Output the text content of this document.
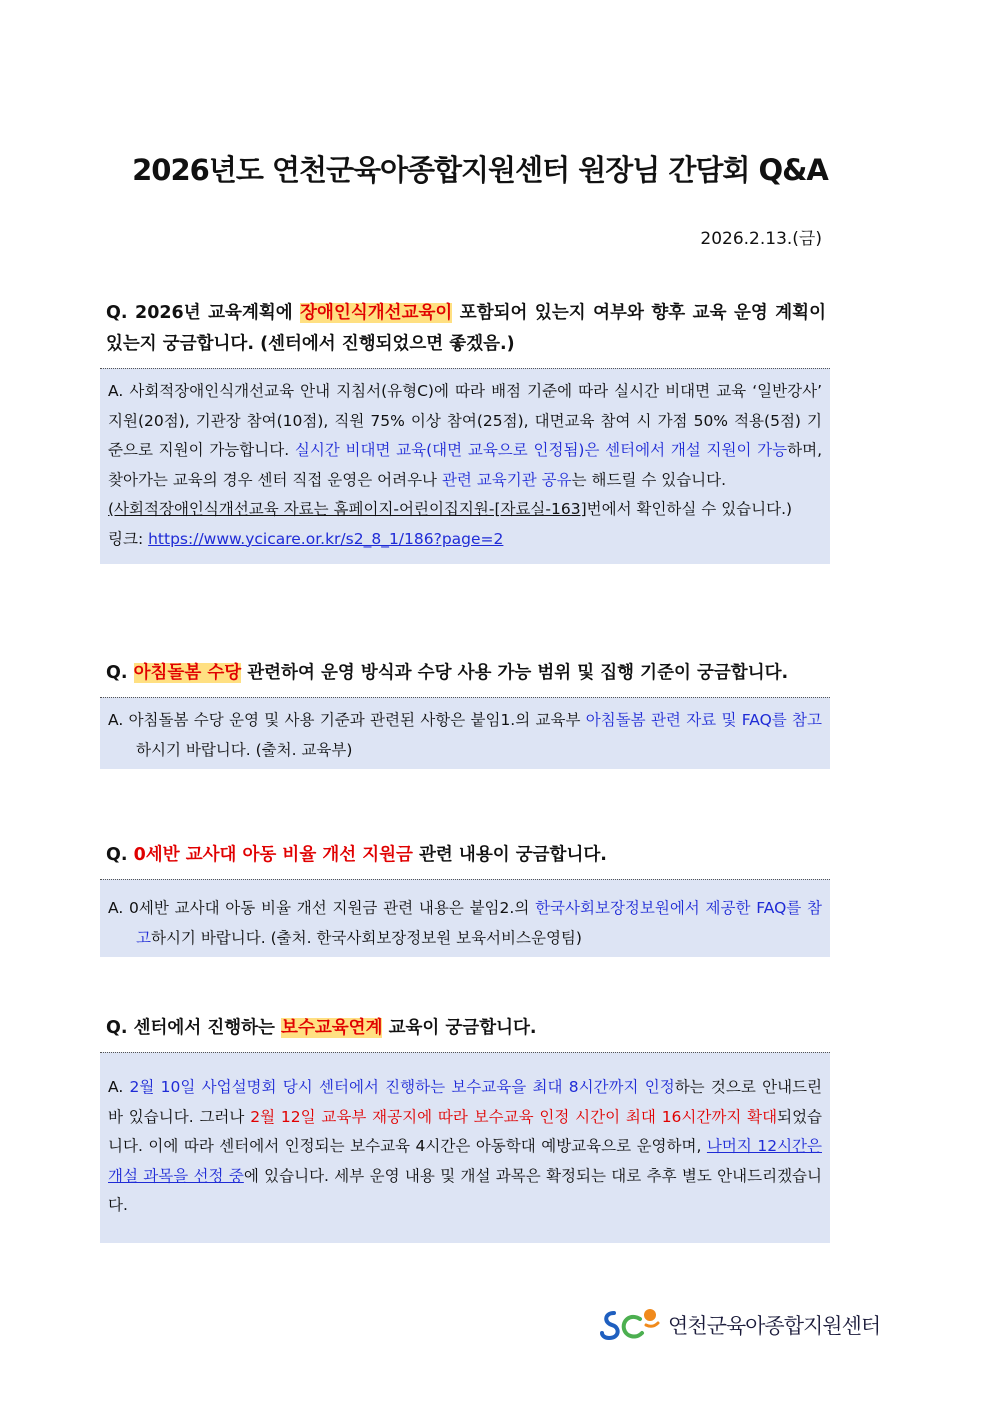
2026년도 연천군육아종합지원센터 원장님 간담회 Q&A
2026.2.13.(금)
Q. 2026년 교육계획에 장애인식개선교육이 포함되어 있는지 여부와 향후 교육 운영 계획이 있는지 궁금합니다. (센터에서 진행되었으면 좋겠음.)
A. 사회적장애인식개선교육 안내 지침서(유형C)에 따라 배점 기준에 따라 실시간 비대면 교육 ‘일반강사’ 지원(20점), 기관장 참여(10점), 직원 75% 이상 참여(25점), 대면교육 참여 시 가점 50% 적용(5점) 기준으로 지원이 가능합니다. 실시간 비대면 교육(대면 교육으로 인정됨)은 센터에서 개설 지원이 가능하며, 찾아가는 교육의 경우 센터 직접 운영은 어려우나 관련 교육기관 공유는 해드릴 수 있습니다.
(사회적장애인식개선교육 자료는 홈페이지-어린이집지원-[자료실-163]번에서 확인하실 수 있습니다.)
링크: https://www.ycicare.or.kr/s2_8_1/186?page=2
Q. 아침돌봄 수당 관련하여 운영 방식과 수당 사용 가능 범위 및 집행 기준이 궁금합니다.
A. 아침돌봄 수당 운영 및 사용 기준과 관련된 사항은 붙임1.의 교육부 아침돌봄 관련 자료 및 FAQ를 참고하시기 바랍니다. (출처. 교육부)
Q. 0세반 교사대 아동 비율 개선 지원금 관련 내용이 궁금합니다.
A. 0세반 교사대 아동 비율 개선 지원금 관련 내용은 붙임2.의 한국사회보장정보원에서 제공한 FAQ를 참고하시기 바랍니다. (출처. 한국사회보장정보원 보육서비스운영팀)
Q. 센터에서 진행하는 보수교육연계 교육이 궁금합니다.
A. 2월 10일 사업설명회 당시 센터에서 진행하는 보수교육을 최대 8시간까지 인정하는 것으로 안내드린 바 있습니다. 그러나 2월 12일 교육부 재공지에 따라 보수교육 인정 시간이 최대 16시간까지 확대되었습니다. 이에 따라 센터에서 인정되는 보수교육 4시간은 아동학대 예방교육으로 운영하며, 나머지 12시간은 개설 과목을 선정 중에 있습니다. 세부 운영 내용 및 개설 과목은 확정되는 대로 추후 별도 안내드리겠습니다.
연천군육아종합지원센터
